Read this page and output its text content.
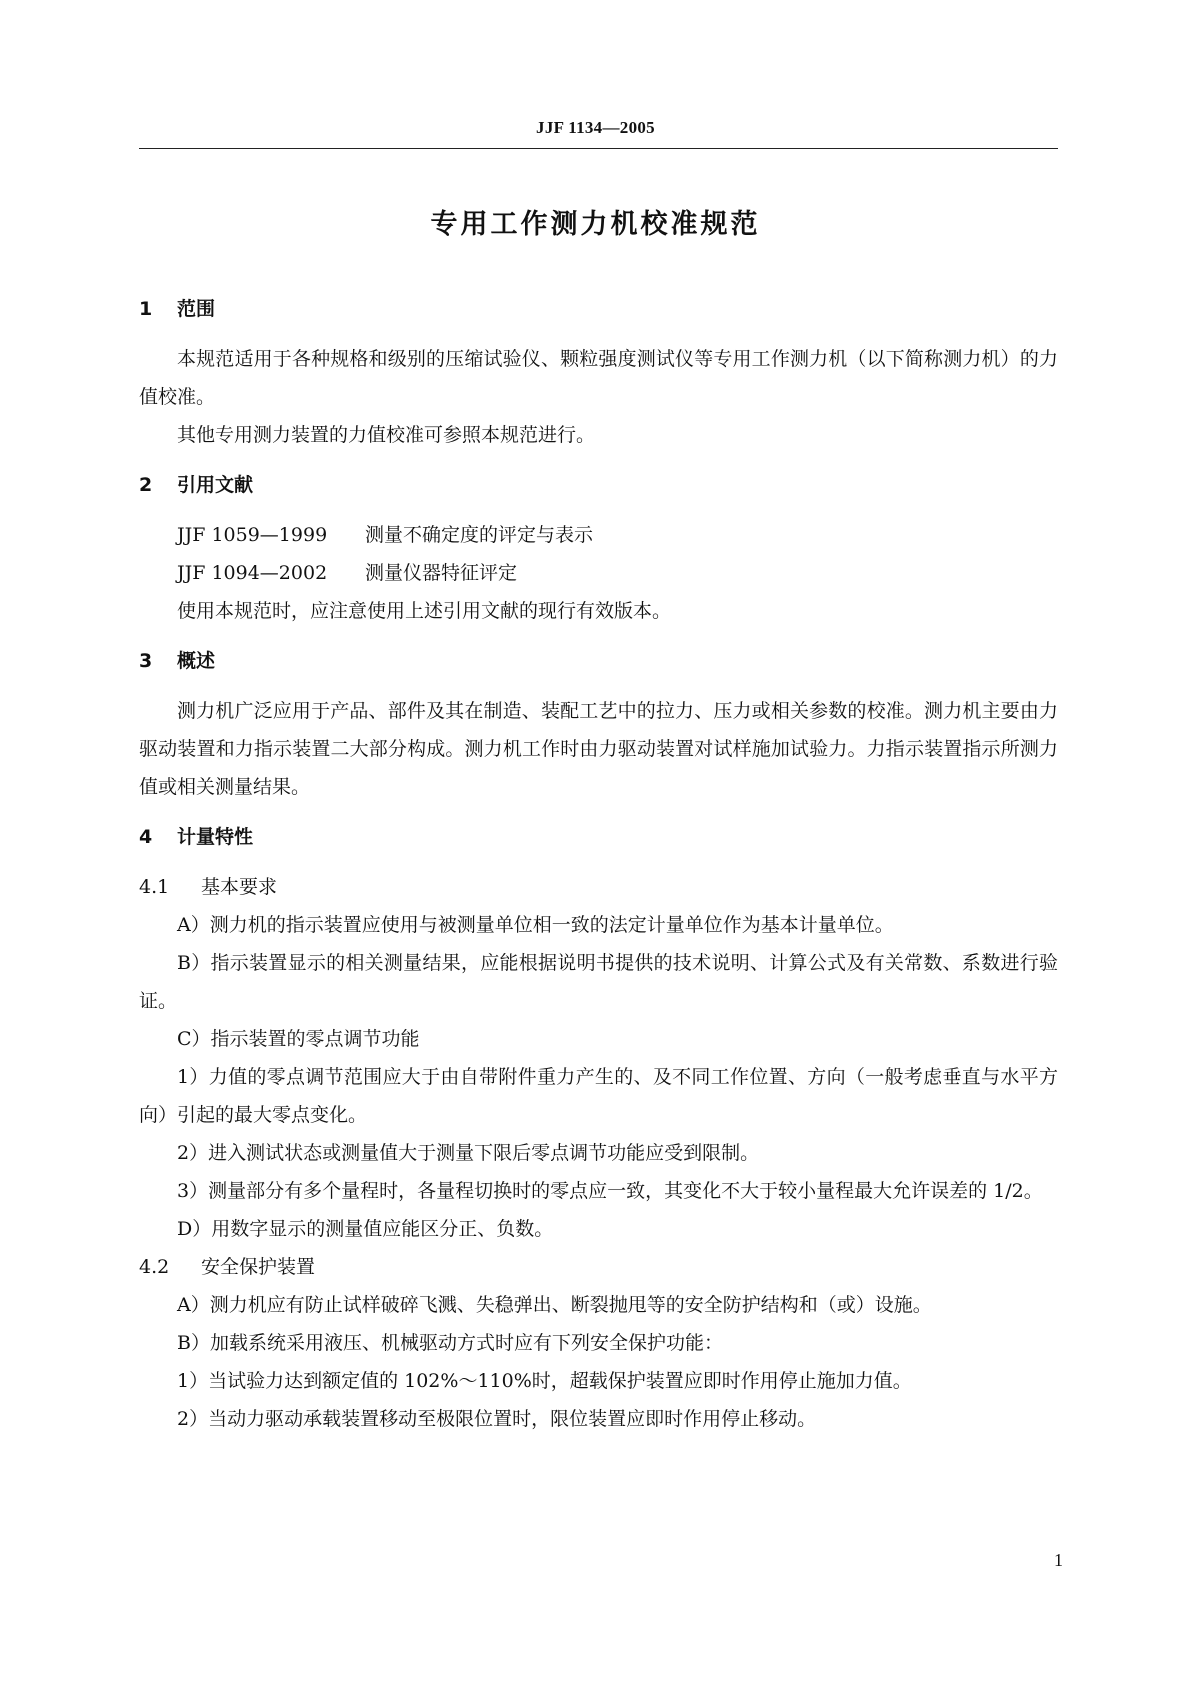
JJF 1134—2005
专用工作测力机校准规范
1 范围

本规范适用于各种规格和级别的压缩试验仪、颗粒强度测试仪等专用工作测力机（以下简称测力机）的力值校准。

其他专用测力装置的力值校准可参照本规范进行。

2 引用文献

JJF 1059—1999 测量不确定度的评定与表示

JJF 1094—2002 测量仪器特征评定

使用本规范时，应注意使用上述引用文献的现行有效版本。

3 概述

测力机广泛应用于产品、部件及其在制造、装配工艺中的拉力、压力或相关参数的校准。测力机主要由力驱动装置和力指示装置二大部分构成。测力机工作时由力驱动装置对试样施加试验力。力指示装置指示所测力值或相关测量结果。

4 计量特性
4.1 基本要求

A）测力机的指示装置应使用与被测量单位相一致的法定计量单位作为基本计量单位。

B）指示装置显示的相关测量结果，应能根据说明书提供的技术说明、计算公式及有关常数、系数进行验证。

C）指示装置的零点调节功能

1）力值的零点调节范围应大于由自带附件重力产生的、及不同工作位置、方向（一般考虑垂直与水平方向）引起的最大零点变化。

2）进入测试状态或测量值大于测量下限后零点调节功能应受到限制。

3）测量部分有多个量程时，各量程切换时的零点应一致，其变化不大于较小量程最大允许误差的 1/2。

D）用数字显示的测量值应能区分正、负数。

4.2 安全保护装置

A）测力机应有防止试样破碎飞溅、失稳弹出、断裂抛甩等的安全防护结构和（或）设施。

B）加载系统采用液压、机械驱动方式时应有下列安全保护功能：

1）当试验力达到额定值的 102%～110%时，超载保护装置应即时作用停止施加力值。

2）当动力驱动承载装置移动至极限位置时，限位装置应即时作用停止移动。

1
